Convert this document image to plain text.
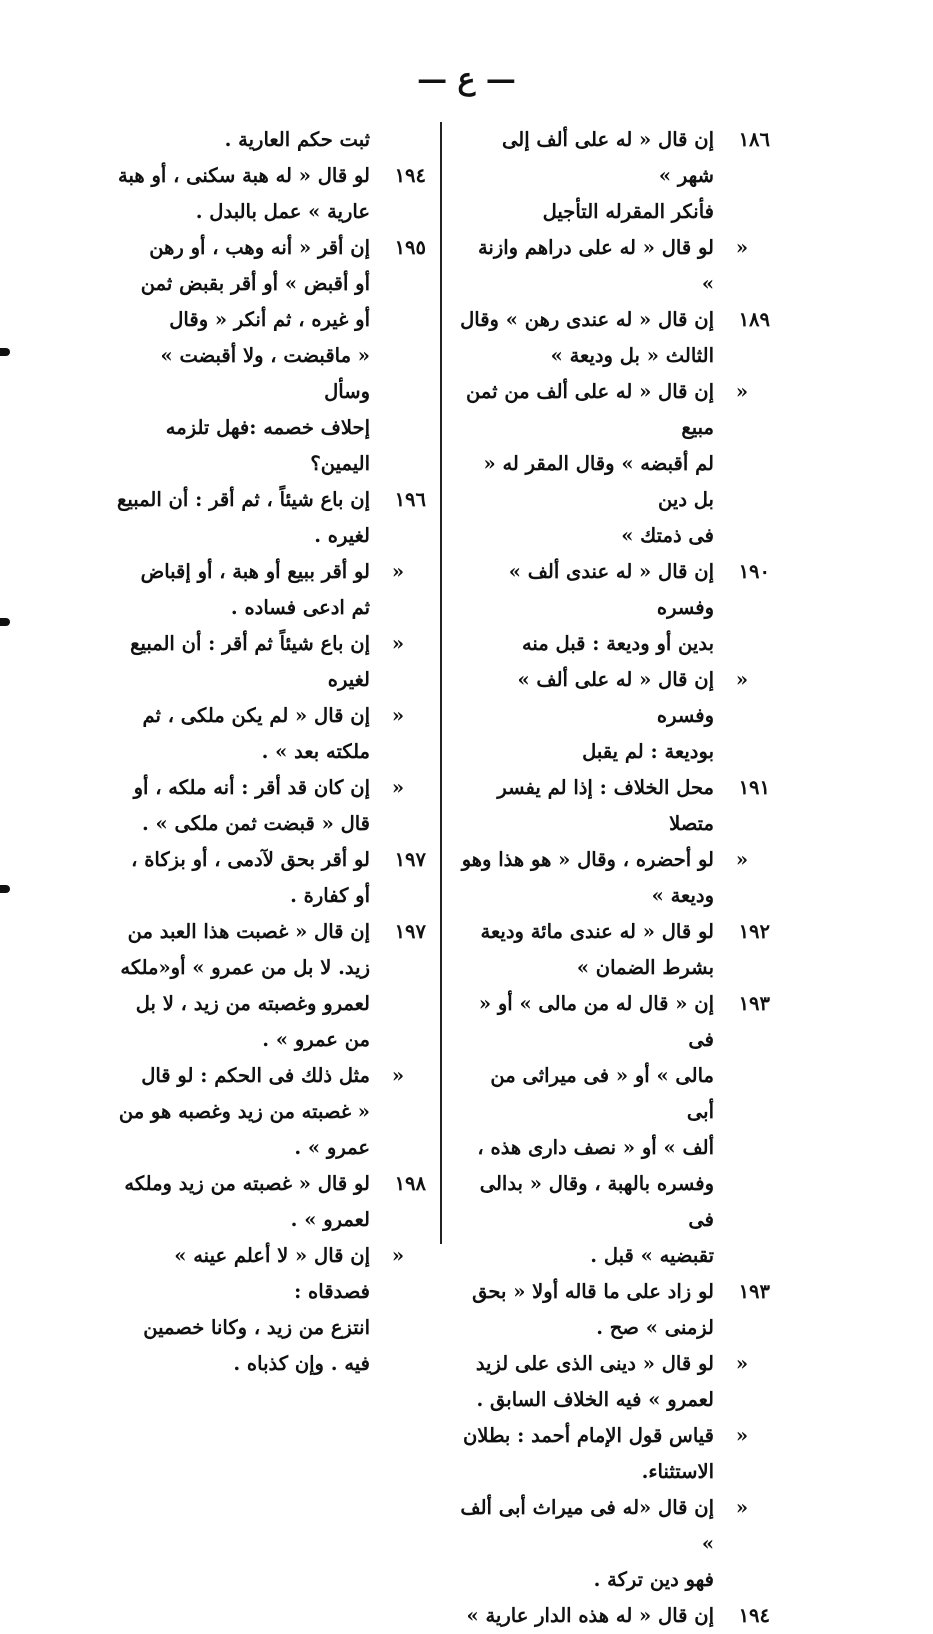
— ع —
١٨٦
إن قال « له على ألف إلى شهر »
فأنكر المقرله التأجيل
«
لو قال « له على دراهم وازنة »
١٨٩
إن قال « له عندى رهن » وقال
الثالث « بل وديعة »
«
إن قال « له على ألف من ثمن مبيع
لم أقبضه » وقال المقر له « بل دين
فى ذمتك »
١٩٠
إن قال « له عندى ألف » وفسره
بدين أو وديعة : قبل منه
«
إن قال « له على ألف » وفسره
بوديعة : لم يقبل
١٩١
محل الخلاف : إذا لم يفسر متصلا
«
لو أحضره ، وقال « هو هذا وهو
وديعة »
١٩٢
لو قال « له عندى مائة وديعة
بشرط الضمان »
١٩٣
إن « قال له من مالى » أو « فى
مالى » أو « فى ميراثى من أبى
ألف » أو « نصف دارى هذه ،
وفسره بالهبة ، وقال « بدالى فى
تقبضيه » قبل .
١٩٣
لو زاد على ما قاله أولا « بحق
لزمنى » صح .
«
لو قال « دينى الذى على لزيد
لعمرو » فيه الخلاف السابق .
«
قياس قول الإمام أحمد : بطلان
الاستثناء.
«
إن قال «له فى ميراث أبى ألف »
فهو دين تركة .
١٩٤
إن قال « له هذه الدار عارية »
ثبت حكم العارية .
١٩٤
لو قال « له هبة سكنى ، أو هبة
عارية » عمل بالبدل .
١٩٥
إن أقر « أنه وهب ، أو رهن
أو أقبض » أو أقر بقبض ثمن
أو غيره ، ثم أنكر « وقال
« ماقبضت ، ولا أقبضت » وسأل
إحلاف خصمه :فهل تلزمه اليمين؟
١٩٦
إن باع شيئاً ، ثم أقر : أن المبيع
لغيره .
«
لو أقر ببيع أو هبة ، أو إقباض
ثم ادعى فساده .
«
إن باع شيئاً ثم أقر : أن المبيع لغيره
«
إن قال « لم يكن ملكى ، ثم
ملكته بعد » .
«
إن كان قد أقر : أنه ملكه ، أو
قال « قبضت ثمن ملكى » .
١٩٧
لو أقر بحق لآدمى ، أو بزكاة ،
أو كفارة .
١٩٧
إن قال « غصبت هذا العبد من
زيد. لا بل من عمرو » أو«ملكه
لعمرو وغصبته من زيد ، لا بل
من عمرو » .
«
مثل ذلك فى الحكم : لو قال
« غصبته من زيد وغصبه هو من
عمرو » .
١٩٨
لو قال « غصبته من زيد وملكه
لعمرو » .
«
إن قال « لا أعلم عينه » فصدقاه :
انتزع من زيد ، وكانا خصمين
فيه . وإن كذباه .
